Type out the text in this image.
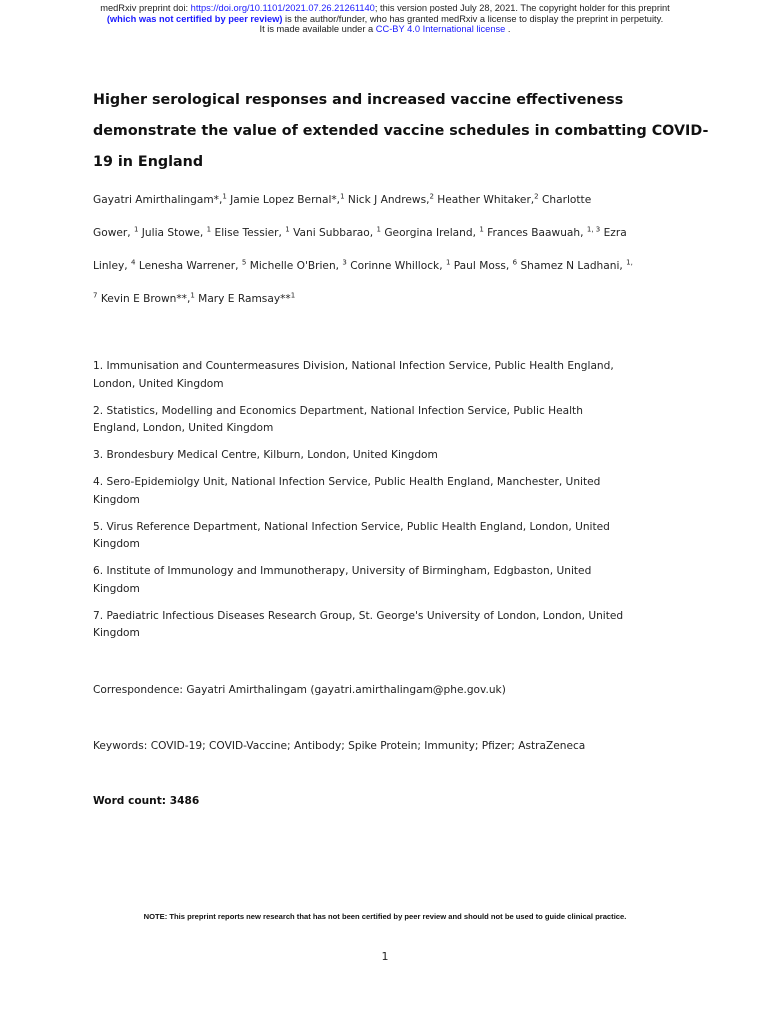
medRxiv preprint doi: https://doi.org/10.1101/2021.07.26.21261140; this version posted July 28, 2021. The copyright holder for this preprint
(which was not certified by peer review) is the author/funder, who has granted medRxiv a license to display the preprint in perpetuity.
It is made available under a CC-BY 4.0 International license .
Higher serological responses and increased vaccine effectiveness
demonstrate the value of extended vaccine schedules in combatting COVID-
19 in England
Gayatri Amirthalingam*,$^1$ Jamie Lopez Bernal*,$^1$ Nick J Andrews,$^2$ Heather Whitaker,$^2$ Charlotte
Gower, $^1$ Julia Stowe, $^1$ Elise Tessier, $^1$ Vani Subbarao, $^1$ Georgina Ireland, $^1$ Frances Baawuah, $^{1, 3}$ Ezra
Linley, $^4$ Lenesha Warrener, $^5$ Michelle O'Brien, $^3$ Corinne Whillock, $^1$ Paul Moss, $^6$ Shamez N Ladhani, $^{1,}$
$^7$ Kevin E Brown**,$^1$ Mary E Ramsay**$^1$
1. Immunisation and Countermeasures Division, National Infection Service, Public Health England,
London, United Kingdom
2. Statistics, Modelling and Economics Department, National Infection Service, Public Health
England, London, United Kingdom
3. Brondesbury Medical Centre, Kilburn, London, United Kingdom
4. Sero-Epidemiolgy Unit, National Infection Service, Public Health England, Manchester, United
Kingdom
5. Virus Reference Department, National Infection Service, Public Health England, London, United
Kingdom
6. Institute of Immunology and Immunotherapy, University of Birmingham, Edgbaston, United
Kingdom
7. Paediatric Infectious Diseases Research Group, St. George's University of London, London, United
Kingdom
Correspondence: Gayatri Amirthalingam (gayatri.amirthalingam@phe.gov.uk)
Keywords: COVID-19; COVID-Vaccine; Antibody; Spike Protein; Immunity; Pfizer; AstraZeneca
Word count: 3486
NOTE: This preprint reports new research that has not been certified by peer review and should not be used to guide clinical practice.
1
